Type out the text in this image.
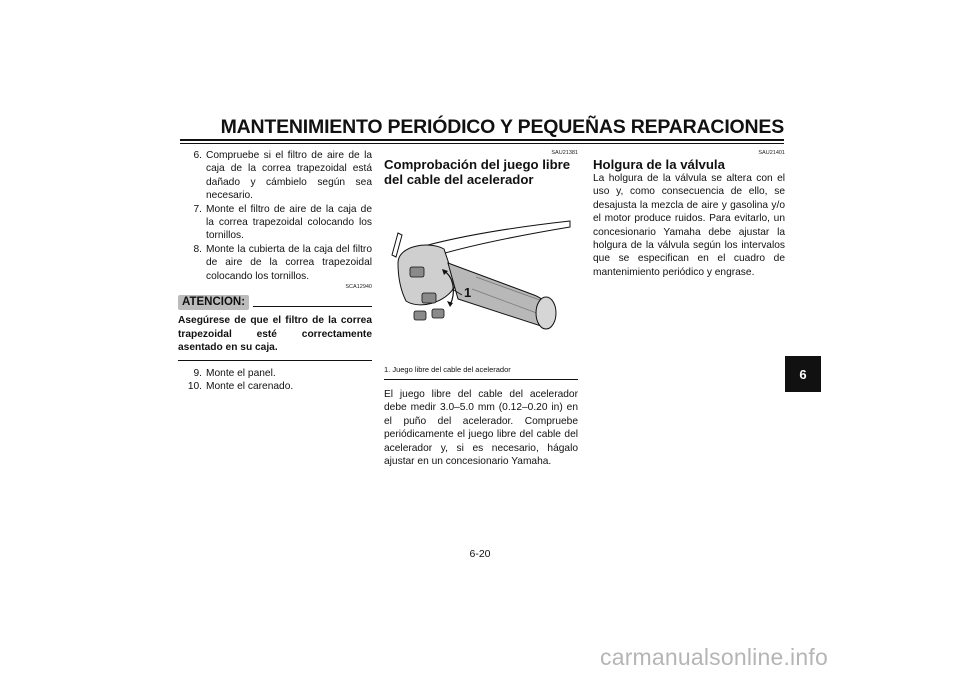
MANTENIMIENTO PERIÓDICO Y PEQUEÑAS REPARACIONES
6. Compruebe si el filtro de aire de la caja de la correa trapezoidal está dañado y cámbielo según sea necesario.
7. Monte el filtro de aire de la caja de la correa trapezoidal colocando los tornillos.
8. Monte la cubierta de la caja del filtro de aire de la correa trapezoidal colocando los tornillos.
SCA12940
ATENCION:
Asegúrese de que el filtro de la correa trapezoidal esté correctamente asentado en su caja.
9. Monte el panel.
10. Monte el carenado.
SAU21381
Comprobación del juego libre del cable del acelerador
1
1. Juego libre del cable del acelerador
El juego libre del cable del acelerador debe medir 3.0–5.0 mm (0.12–0.20 in) en el puño del acelerador. Compruebe periódicamente el juego libre del cable del acelerador y, si es necesario, hágalo ajustar en un concesionario Yamaha.
SAU21401
Holgura de la válvula
La holgura de la válvula se altera con el uso y, como consecuencia de ello, se desajusta la mezcla de aire y gasolina y/o el motor produce ruidos. Para evitarlo, un concesionario Yamaha debe ajustar la holgura de la válvula según los intervalos que se especifican en el cuadro de mantenimiento periódico y engrase.
6
6-20
carmanualsonline.info
